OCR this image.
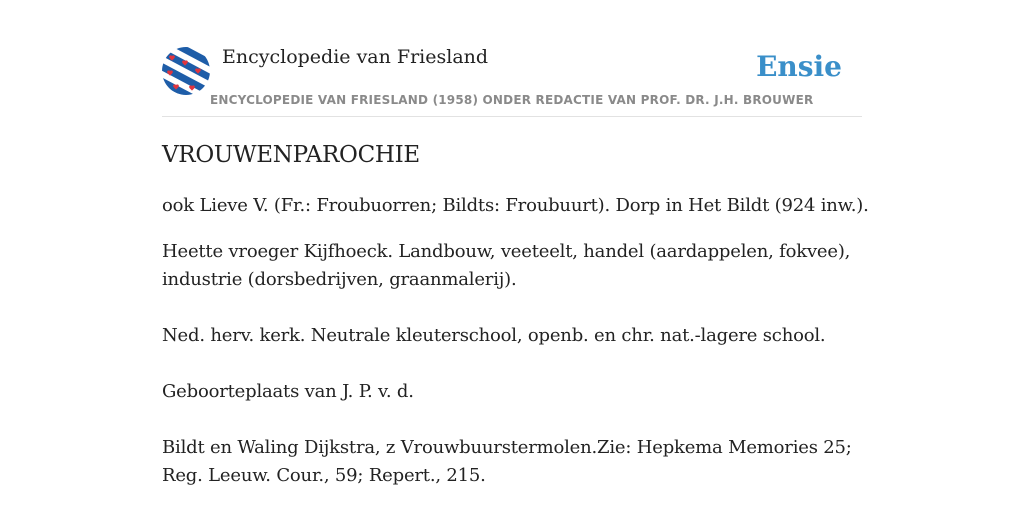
Encyclopedie van Friesland	Ensie
ENCYCLOPEDIE VAN FRIESLAND (1958) ONDER REDACTIE VAN PROF. DR. J.H. BROUWER
VROUWENPAROCHIE

ook Lieve V. (Fr.: Froubuorren; Bildts: Froubuurt). Dorp in Het Bildt (924 inw.).

Heette vroeger Kijfhoeck. Landbouw, veeteelt, handel (aardappelen, fokvee), industrie (dorsbedrijven, graanmalerij).

Ned. herv. kerk. Neutrale kleuterschool, openb. en chr. nat.-lagere school.

Geboorteplaats van J. P. v. d.

Bildt en Waling Dijkstra, z Vrouwbuurstermolen.Zie: Hepkema Memories 25; Reg. Leeuw. Cour., 59; Repert., 215.
